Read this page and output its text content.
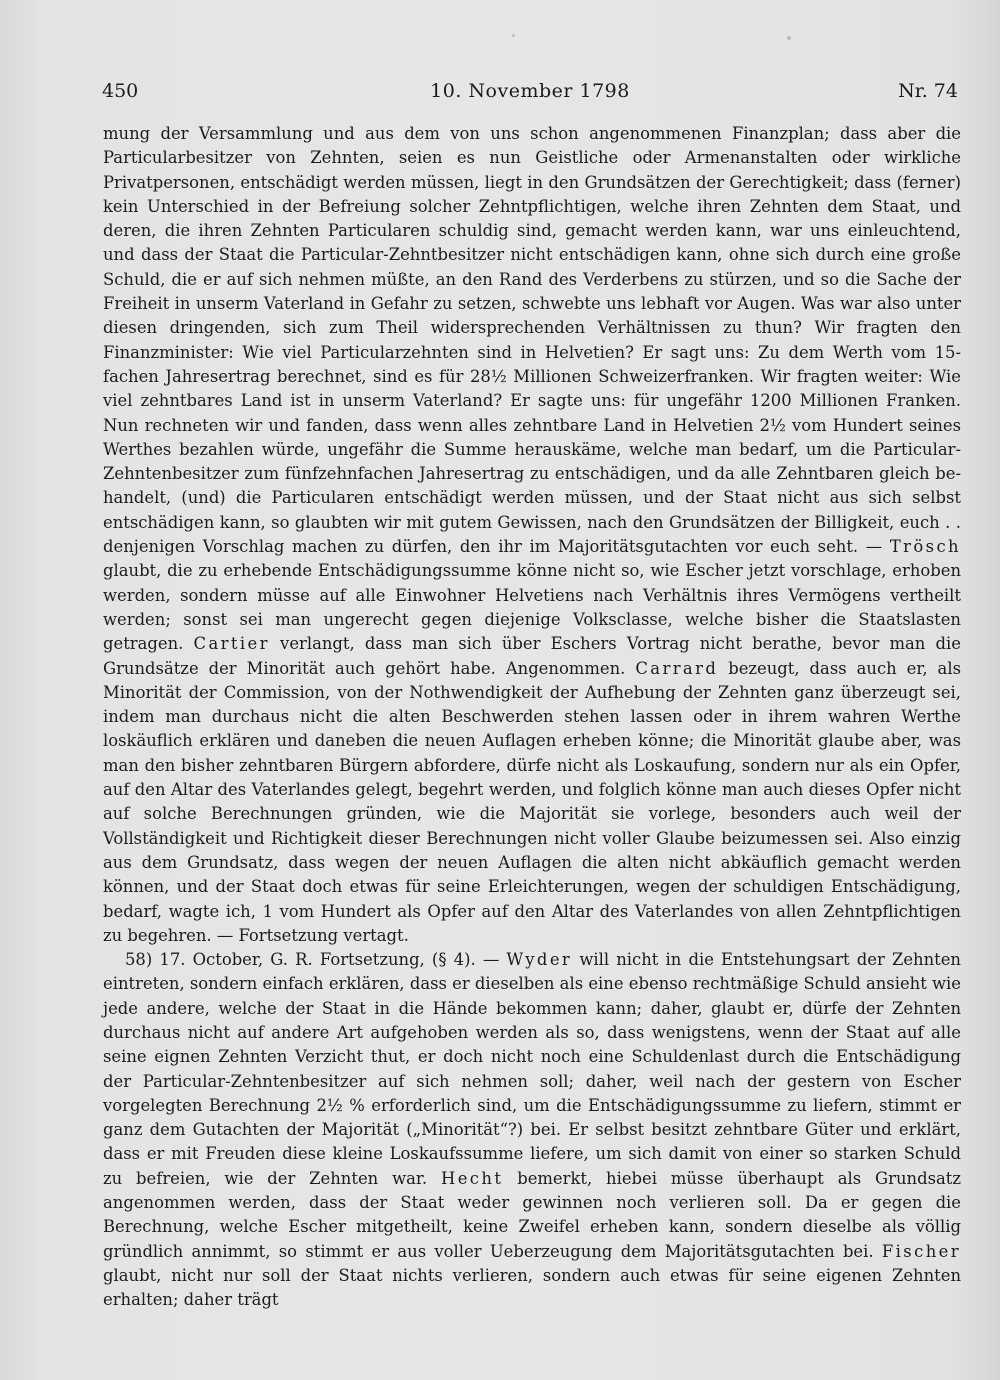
450	10. November 1798	Nr. 74

mung der Versammlung und aus dem von uns schon angenommenen Finanzplan; dass aber die Particularbesitzer von Zehnten, seien es nun Geistliche oder Armenanstalten oder wirkliche Privatpersonen, entschädigt werden müssen, liegt in den Grundsätzen der Gerechtigkeit; dass (ferner) kein Unterschied in der Befreiung solcher Zehntpflichtigen, welche ihren Zehnten dem Staat, und deren, die ihren Zehnten Particularen schuldig sind, gemacht werden kann, war uns einleuchtend, und dass der Staat die Particular-Zehntbesitzer nicht entschädigen kann, ohne sich durch eine große Schuld, die er auf sich nehmen müßte, an den Rand des Verderbens zu stürzen, und so die Sache der Freiheit in unserm Vaterland in Gefahr zu setzen, schwebte uns lebhaft vor Augen. Was war also unter diesen dringenden, sich zum Theil widersprechenden Verhältnissen zu thun? Wir fragten den Finanzminister: Wie viel Particularzehnten sind in Helvetien? Er sagt uns: Zu dem Werth vom 15-fachen Jahresertrag berechnet, sind es für 28½ Millionen Schweizerfranken. Wir fragten weiter: Wie viel zehntbares Land ist in unserm Vaterland? Er sagte uns: für ungefähr 1200 Millionen Franken. Nun rechneten wir und fanden, dass wenn alles zehntbare Land in Helvetien 2½ vom Hundert seines Werthes bezahlen würde, ungefähr die Summe herauskäme, welche man bedarf, um die Particular-Zehntenbesitzer zum fünfzehnfachen Jahresertrag zu entschädigen, und da alle Zehntbaren gleich behandelt, (und) die Particularen entschädigt werden müssen, und der Staat nicht aus sich selbst entschädigen kann, so glaubten wir mit gutem Gewissen, nach den Grundsätzen der Billigkeit, euch . . denjenigen Vorschlag machen zu dürfen, den ihr im Majoritätsgutachten vor euch seht. — Trösch glaubt, die zu erhebende Entschädigungssumme könne nicht so, wie Escher jetzt vorschlage, erhoben werden, sondern müsse auf alle Einwohner Helvetiens nach Verhältnis ihres Vermögens vertheilt werden; sonst sei man ungerecht gegen diejenige Volksclasse, welche bisher die Staatslasten getragen. Cartier verlangt, dass man sich über Eschers Vortrag nicht berathe, bevor man die Grundsätze der Minorität auch gehört habe. Angenommen. Carrard bezeugt, dass auch er, als Minorität der Commission, von der Nothwendigkeit der Aufhebung der Zehnten ganz überzeugt sei, indem man durchaus nicht die alten Beschwerden stehen lassen oder in ihrem wahren Werthe loskäuflich erklären und daneben die neuen Auflagen erheben könne; die Minorität glaube aber, was man den bisher zehntbaren Bürgern abfordere, dürfe nicht als Loskaufung, sondern nur als ein Opfer, auf den Altar des Vaterlandes gelegt, begehrt werden, und folglich könne man auch dieses Opfer nicht auf solche Berechnungen gründen, wie die Majorität sie vorlege, besonders auch weil der Vollständigkeit und Richtigkeit dieser Berechnungen nicht voller Glaube beizumessen sei. Also einzig aus dem Grundsatz, dass wegen der neuen Auflagen die alten nicht abkäuflich gemacht werden können, und der Staat doch etwas für seine Erleichterungen, wegen der schuldigen Entschädigung, bedarf, wagte ich, 1 vom Hundert als Opfer auf den Altar des Vaterlandes von allen Zehntpflichtigen zu begehren. — Fortsetzung vertagt.

58) 17. October, G. R. Fortsetzung, (§ 4). — Wyder will nicht in die Entstehungsart der Zehnten eintreten, sondern einfach erklären, dass er dieselben als eine ebenso rechtmäßige Schuld ansieht wie jede andere, welche der Staat in die Hände bekommen kann; daher, glaubt er, dürfe der Zehnten durchaus nicht auf andere Art aufgehoben werden als so, dass wenigstens, wenn der Staat auf alle seine eignen Zehnten Verzicht thut, er doch nicht noch eine Schuldenlast durch die Entschädigung der Particular-Zehntenbesitzer auf sich nehmen soll; daher, weil nach der gestern von Escher vorgelegten Berechnung 2½ % erforderlich sind, um die Entschädigungssumme zu liefern, stimmt er ganz dem Gutachten der Majorität („Minorität“?) bei. Er selbst besitzt zehntbare Güter und erklärt, dass er mit Freuden diese kleine Loskaufssumme liefere, um sich damit von einer so starken Schuld zu befreien, wie der Zehnten war. Hecht bemerkt, hiebei müsse überhaupt als Grundsatz angenommen werden, dass der Staat weder gewinnen noch verlieren soll. Da er gegen die Berechnung, welche Escher mitgetheilt, keine Zweifel erheben kann, sondern dieselbe als völlig gründlich annimmt, so stimmt er aus voller Ueberzeugung dem Majoritätsgutachten bei. Fischer glaubt, nicht nur soll der Staat nichts verlieren, sondern auch etwas für seine eigenen Zehnten erhalten; daher trägt
